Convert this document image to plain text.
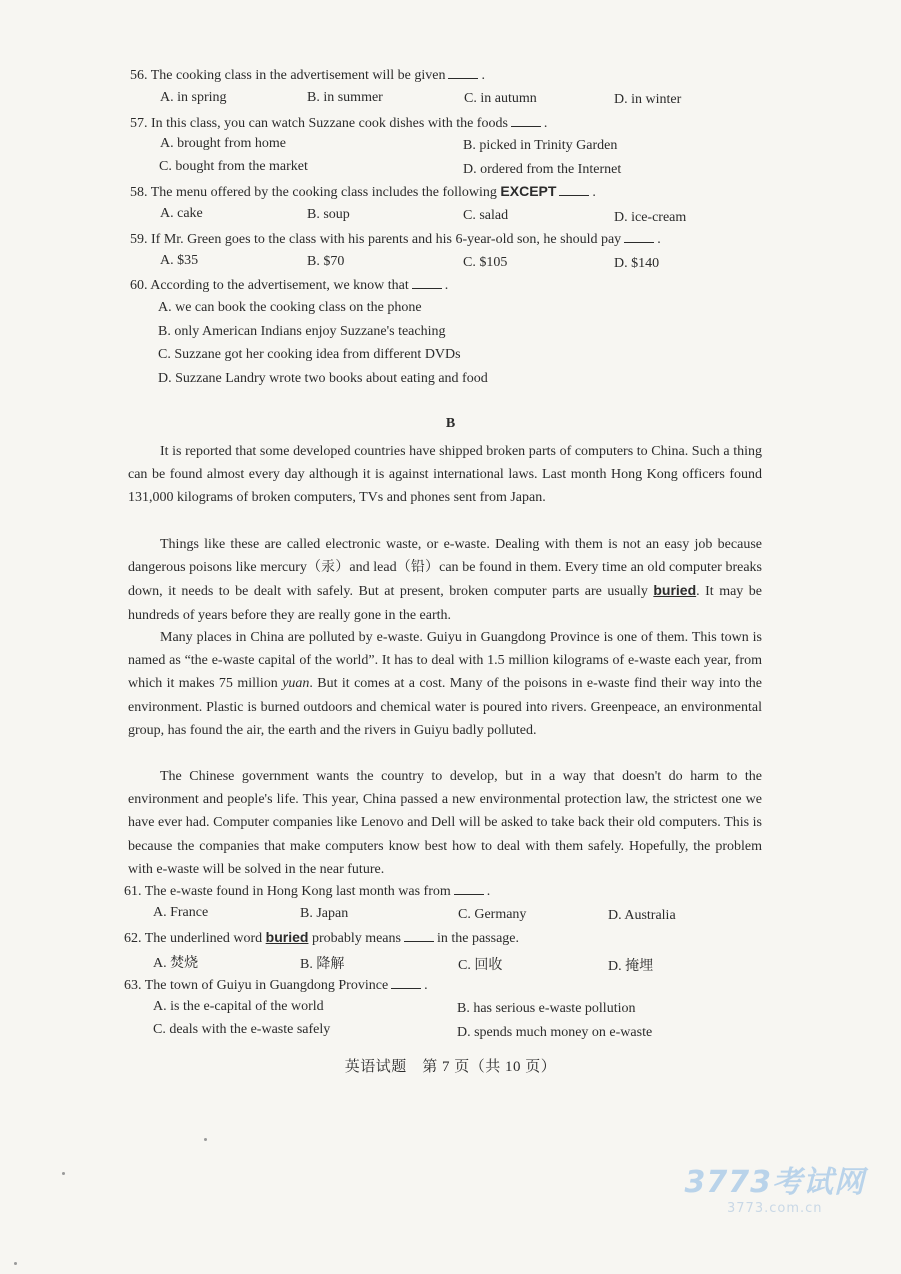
56. The cooking class in the advertisement will be given	.
A. in spring	B. in summer	C. in autumn	D. in winter
57. In this class, you can watch Suzzane cook dishes with the foods	.
A. brought from home	B. picked in Trinity Garden
C. bought from the market	D. ordered from the Internet
58. The menu offered by the cooking class includes the following EXCEPT	.
A. cake	B. soup	C. salad	D. ice-cream
59. If Mr. Green goes to the class with his parents and his 6-year-old son, he should pay	.
A. $35	B. $70	C. $105	D. $140
60. According to the advertisement, we know that	.
A. we can book the cooking class on the phone
B. only American Indians enjoy Suzzane's teaching
C. Suzzane got her cooking idea from different DVDs
D. Suzzane Landry wrote two books about eating and food
B
It is reported that some developed countries have shipped broken parts of computers to China. Such a thing can be found almost every day although it is against international laws. Last month Hong Kong officers found 131,000 kilograms of broken computers, TVs and phones sent from Japan.
Things like these are called electronic waste, or e-waste. Dealing with them is not an easy job because dangerous poisons like mercury（汞）and lead（铅）can be found in them. Every time an old computer breaks down, it needs to be dealt with safely. But at present, broken computer parts are usually buried. It may be hundreds of years before they are really gone in the earth.
Many places in China are polluted by e-waste. Guiyu in Guangdong Province is one of them. This town is named as “the e-waste capital of the world”. It has to deal with 1.5 million kilograms of e-waste each year, from which it makes 75 million yuan. But it comes at a cost. Many of the poisons in e-waste find their way into the environment. Plastic is burned outdoors and chemical water is poured into rivers. Greenpeace, an environmental group, has found the air, the earth and the rivers in Guiyu badly polluted.
The Chinese government wants the country to develop, but in a way that doesn't do harm to the environment and people's life. This year, China passed a new environmental protection law, the strictest one we have ever had. Computer companies like Lenovo and Dell will be asked to take back their old computers. This is because the companies that make computers know best how to deal with them safely. Hopefully, the problem with e-waste will be solved in the near future.
61. The e-waste found in Hong Kong last month was from	.
A. France	B. Japan	C. Germany	D. Australia
62. The underlined word buried probably means	in the passage.
A. 焚烧	B. 降解	C. 回收	D. 掩埋
63. The town of Guiyu in Guangdong Province	.
A. is the e-capital of the world	B. has serious e-waste pollution
C. deals with the e-waste safely	D. spends much money on e-waste
英语试题　第 7 页（共 10 页）
3773考试网
3773.com.cn
